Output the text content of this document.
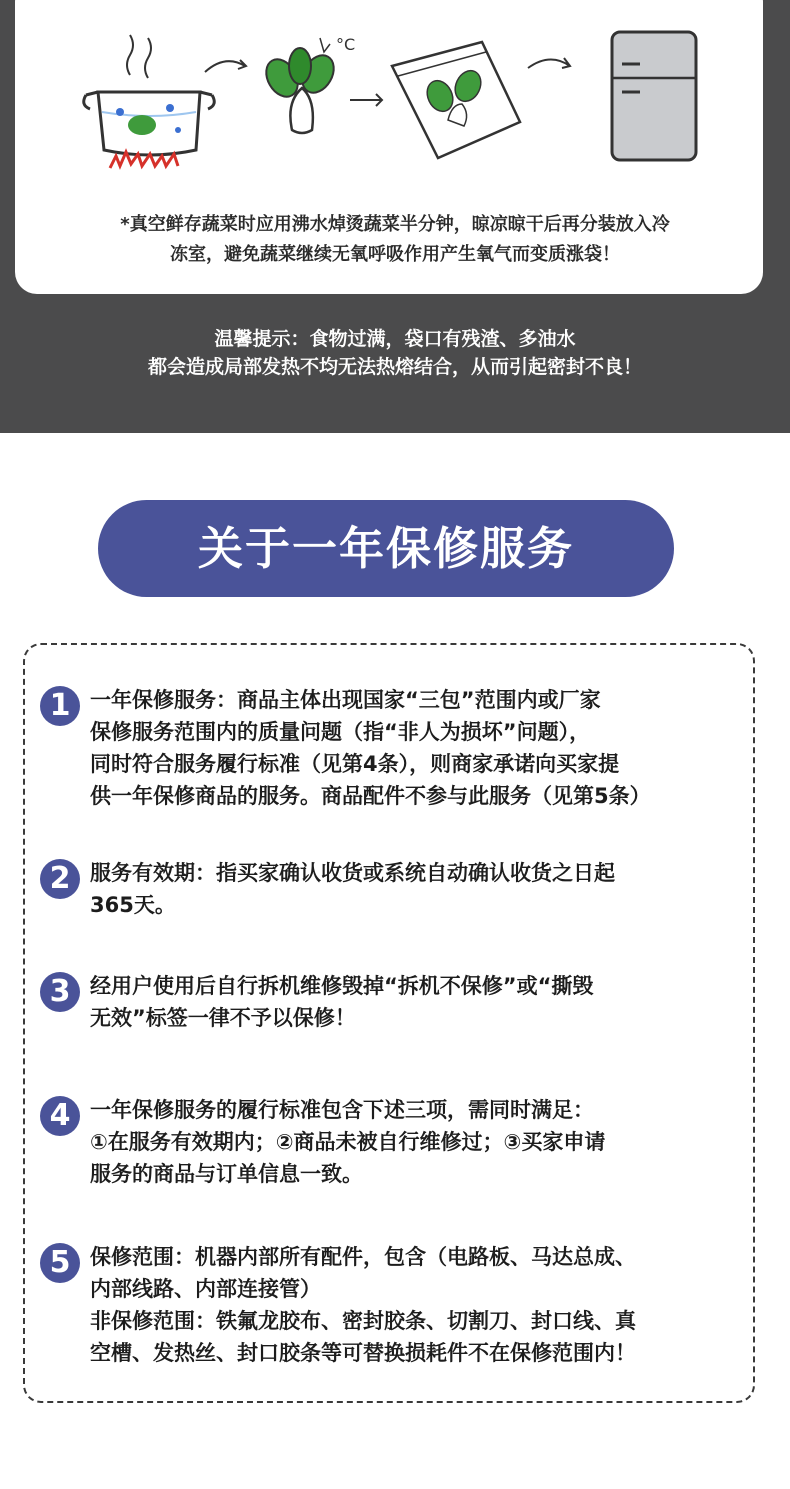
°C
*真空鲜存蔬菜时应用沸水焯烫蔬菜半分钟，晾凉晾干后再分装放入冷
冻室，避免蔬菜继续无氧呼吸作用产生氧气而变质涨袋！
温馨提示：食物过满，袋口有残渣、多油水
都会造成局部发热不均无法热熔结合，从而引起密封不良！
关于一年保修服务
1 一年保修服务：商品主体出现国家“三包”范围内或厂家
保修服务范围内的质量问题（指“非人为损坏”问题），
同时符合服务履行标准（见第4条），则商家承诺向买家提
供一年保修商品的服务。商品配件不参与此服务（见第5条）
2 服务有效期：指买家确认收货或系统自动确认收货之日起
365天。
3 经用户使用后自行拆机维修毁掉“拆机不保修”或“撕毁
无效”标签一律不予以保修！
4 一年保修服务的履行标准包含下述三项，需同时满足：
①在服务有效期内；②商品未被自行维修过；③买家申请
服务的商品与订单信息一致。
5 保修范围：机器内部所有配件，包含（电路板、马达总成、
内部线路、内部连接管）
非保修范围：铁氟龙胶布、密封胶条、切割刀、封口线、真
空槽、发热丝、封口胶条等可替换损耗件不在保修范围内！
